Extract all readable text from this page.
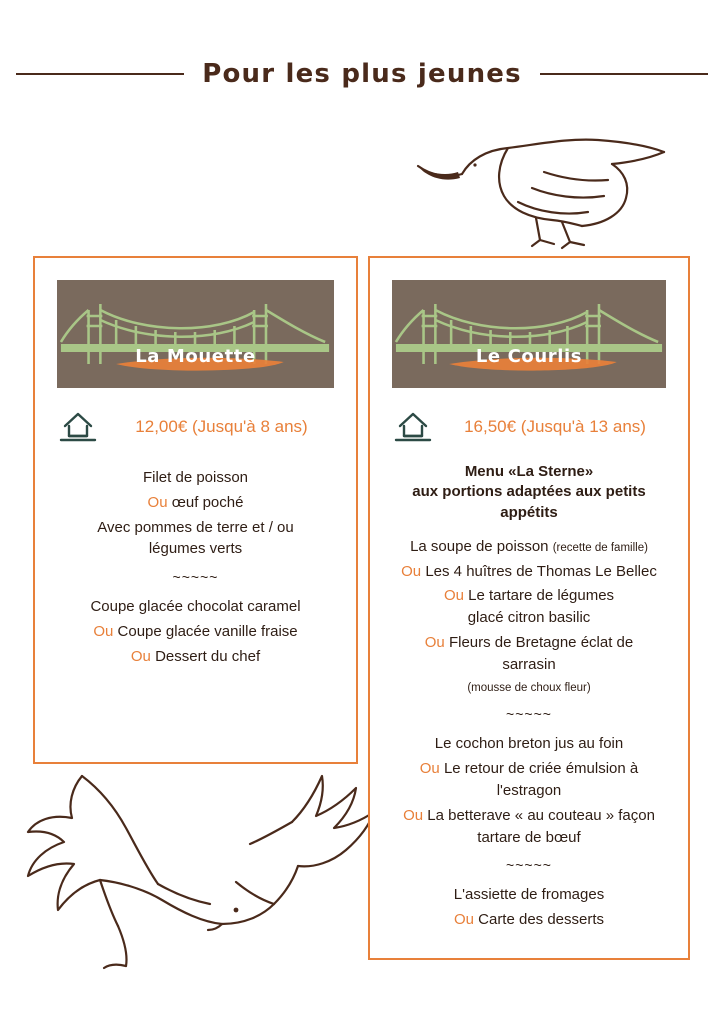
Pour les plus jeunes
La Mouette
12,00€ (Jusqu'à 8 ans)
Filet de poisson
Ou œuf poché
Avec pommes de terre et / ou
légumes verts
~~~~~
Coupe glacée chocolat caramel
Ou Coupe glacée vanille fraise
Ou Dessert du chef
Le Courlis
16,50€ (Jusqu'à 13 ans)
Menu «La Sterne»
aux portions adaptées aux petits
appétits
La soupe de poisson (recette de famille)
Ou Les 4 huîtres de Thomas Le Bellec
Ou Le tartare de légumes
glacé citron basilic
Ou Fleurs de Bretagne éclat de
sarrasin
(mousse de choux fleur)
~~~~~
Le cochon breton jus au foin
Ou Le retour de criée émulsion à
l'estragon
Ou La betterave « au couteau » façon
tartare de bœuf
~~~~~
L'assiette de fromages
Ou Carte des desserts
